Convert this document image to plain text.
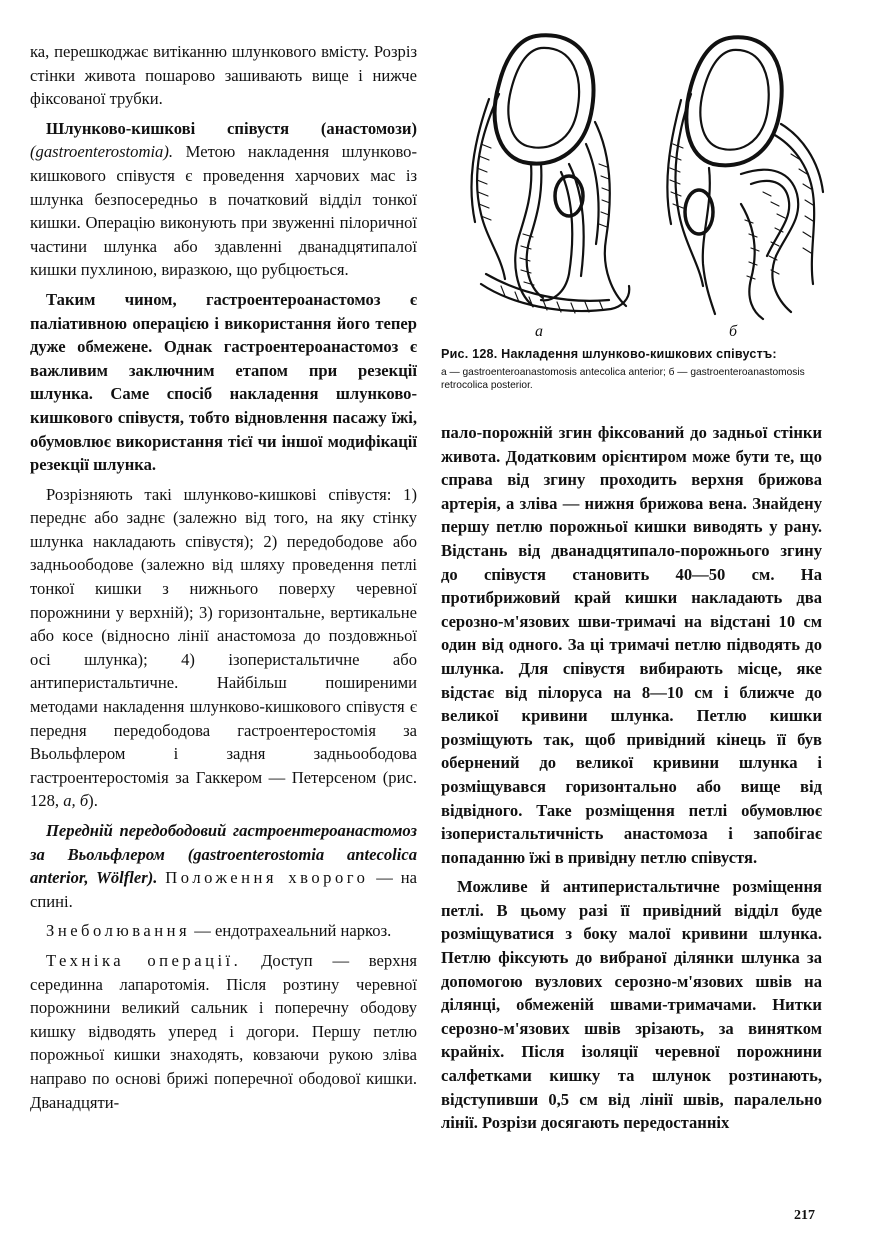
ка, перешкоджає витіканню шлункового вмісту. Розріз стінки живота пошарово зашивають вище і нижче фіксованої трубки.

Шлунково-кишкові співустя (анастомози) (gastroenterostomia). Метою накладення шлунково-кишкового співустя є проведення харчових мас із шлунка безпосередньо в початковий відділ тонкої кишки. Операцію виконують при звуженні пілоричної частини шлунка або здавленні дванадцятипалої кишки пухлиною, виразкою, що рубцюється.

Таким чином, гастроентероанастомоз є паліативною операцією і використання його тепер дуже обмежене. Однак гастроентероанастомоз є важливим заключним етапом при резекції шлунка. Саме спосіб накладення шлунково-кишкового співустя, тобто відновлення пасажу їжі, обумовлює використання тієї чи іншої модифікації резекції шлунка.

Розрізняють такі шлунково-кишкові співустя: 1) переднє або заднє (залежно від того, на яку стінку шлунка накладають співустя); 2) передободове або задньоободове (залежно від шляху проведення петлі тонкої кишки з нижнього поверху черевної порожнини у верхній); 3) горизонтальне, вертикальне або косе (відносно лінії анастомоза до поздовжньої осі шлунка); 4) ізоперистальтичне або антиперистальтичне. Найбільш поширеними методами накладення шлунково-кишкового співустя є передня передободова гастроентеростомія за Вьольфлером і задня задньоободова гастроентеростомія за Гаккером — Петерсеном (рис. 128, а, б).

Передній передободовий гастроентероанастомоз за Вьольфлером (gastroenterostomia antecolica anterior, Wölfler). Положення хворого — на спині.

Знеболювання — ендотрахеальний наркоз.

Техніка операції. Доступ — верхня серединна лапаротомія. Після розтину черевної порожнини великий сальник і поперечну ободову кишку відводять уперед і догори. Першу петлю порожньої кишки знаходять, ковзаючи рукою зліва направо по основі брижі поперечної ободової кишки. Дванадцяти-

а	б
Рис. 128. Накладення шлунково-кишкових співустъ:
а — gastroenteroanastomosis antecolica anterior; б — gastroenteroanastomosis retrocolica posterior.

пало-порожній згин фіксований до задньої стінки живота. Додатковим орієнтиром може бути те, що справа від згину проходить верхня брижова артерія, а зліва — нижня брижова вена. Знайдену першу петлю порожньої кишки виводять у рану. Відстань від дванадцятипало-порожнього згину до співустя становить 40—50 см. На протибрижовий край кишки накладають два серозно-м'язових шви-тримачі на відстані 10 см один від одного. За ці тримачі петлю підводять до шлунка. Для співустя вибирають місце, яке відстає від пілоруса на 8—10 см і ближче до великої кривини шлунка. Петлю кишки розміщують так, щоб привідний кінець її був обернений до великої кривини шлунка і розміщувався горизонтально або вище від відвідного. Таке розміщення петлі обумовлює ізоперистальтичність анастомоза і запобігає попаданню їжі в привідну петлю співустя.

Можливе й антиперистальтичне розміщення петлі. В цьому разі її привідний відділ буде розміщуватися з боку малої кривини шлунка. Петлю фіксують до вибраної ділянки шлунка за допомогою вузлових серозно-м'язових швів на ділянці, обмеженій швами-тримачами. Нитки серозно-м'язових швів зрізають, за винятком крайніх. Після ізоляції черевної порожнини салфетками кишку та шлунок розтинають, відступивши 0,5 см від лінії швів, паралельно лінії. Розрізи досягають передостанніх

217
